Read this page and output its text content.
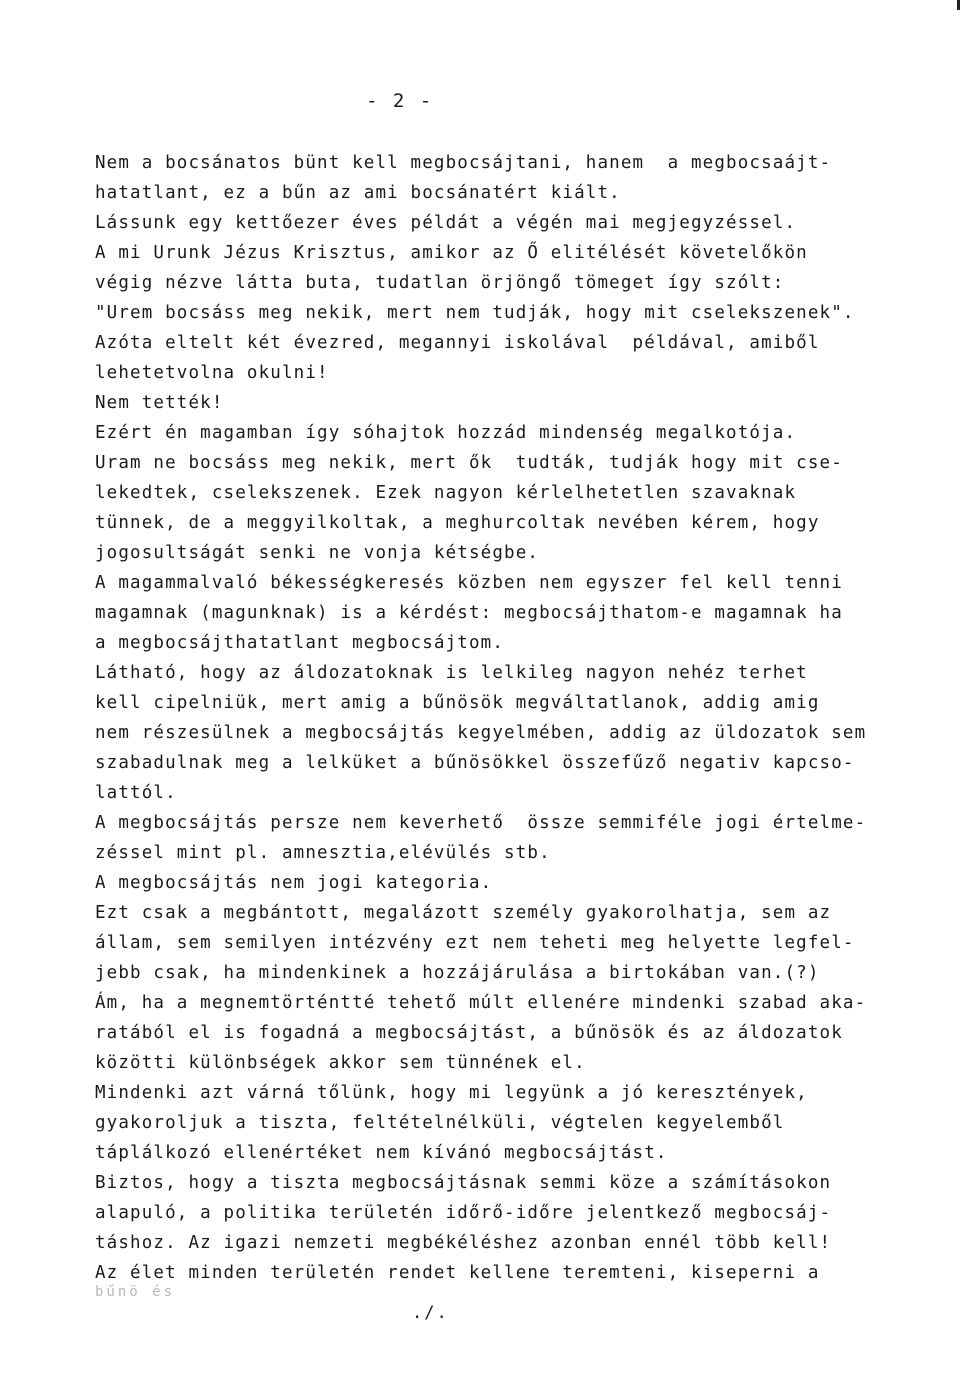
- 2 -
Nem a bocsánatos bünt kell megbocsájtani, hanem  a megbocsaájt-
hatatlant, ez a bűn az ami bocsánatért kiált.
Lássunk egy kettőezer éves példát a végén mai megjegyzéssel.
A mi Urunk Jézus Krisztus, amikor az Ő elitélését követelőkön
végig nézve látta buta, tudatlan örjöngő tömeget így szólt:
"Urem bocsáss meg nekik, mert nem tudják, hogy mit cselekszenek".
Azóta eltelt két évezred, megannyi iskolával  példával, amiből
lehetetvolna okulni!
Nem tették!
Ezért én magamban így sóhajtok hozzád mindenség megalkotója.
Uram ne bocsáss meg nekik, mert ők  tudták, tudják hogy mit cse-
lekedtek, cselekszenek. Ezek nagyon kérlelhetetlen szavaknak
tünnek, de a meggyilkoltak, a meghurcoltak nevében kérem, hogy
jogosultságát senki ne vonja kétségbe.
A magammalvaló békességkeresés közben nem egyszer fel kell tenni
magamnak (magunknak) is a kérdést: megbocsájthatom-e magamnak ha
a megbocsájthatatlant megbocsájtom.
Látható, hogy az áldozatoknak is lelkileg nagyon nehéz terhet
kell cipelniük, mert amig a bűnösök megváltatlanok, addig amig
nem részesülnek a megbocsájtás kegyelmében, addig az üldozatok sem
szabadulnak meg a lelküket a bűnösökkel összefűző negativ kapcso-
lattól.
A megbocsájtás persze nem keverhető  össze semmiféle jogi értelme-
zéssel mint pl. amnesztia,elévülés stb.
A megbocsájtás nem jogi kategoria.
Ezt csak a megbántott, megalázott személy gyakorolhatja, sem az
állam, sem semilyen intézvény ezt nem teheti meg helyette legfel-
jebb csak, ha mindenkinek a hozzájárulása a birtokában van.(?)
Ám, ha a megnemtörténtté tehető múlt ellenére mindenki szabad aka-
ratából el is fogadná a megbocsájtást, a bűnösök és az áldozatok
közötti különbségek akkor sem tünnének el.
Mindenki azt várná tőlünk, hogy mi legyünk a jó keresztények,
gyakoroljuk a tiszta, feltételnélküli, végtelen kegyelemből
táplálkozó ellenértéket nem kívánó megbocsájtást.
Biztos, hogy a tiszta megbocsájtásnak semmi köze a számításokon
alapuló, a politika területén időrő-időre jelentkező megbocsáj-
táshoz. Az igazi nemzeti megbékéléshez azonban ennél több kell!
Az élet minden területén rendet kellene teremteni, kiseperni a
bűnö és
./.
